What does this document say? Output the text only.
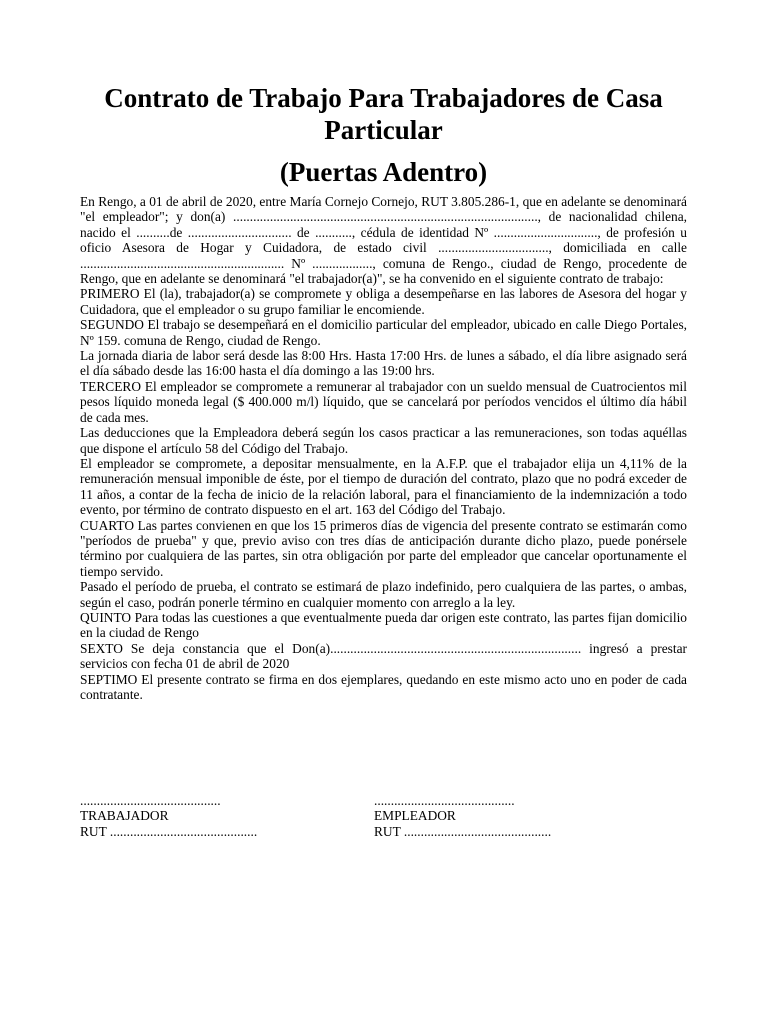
Contrato de Trabajo Para Trabajadores de Casa Particular
(Puertas Adentro)

En Rengo, a 01 de abril de 2020, entre María Cornejo Cornejo, RUT 3.805.286-1, que en adelante se denominará "el empleador"; y don(a) ..........................................................................................., de nacionalidad chilena, nacido el ..........de ............................... de ..........., cédula de identidad Nº ..............................., de profesión u oficio Asesora de Hogar y Cuidadora, de estado civil ................................., domiciliada en calle ............................................................. Nº .................., comuna de Rengo., ciudad de Rengo, procedente de Rengo, que en adelante se denominará "el trabajador(a)", se ha convenido en el siguiente contrato de trabajo:

PRIMERO El (la), trabajador(a) se compromete y obliga a desempeñarse en las labores de Asesora del hogar y Cuidadora, que el empleador o su grupo familiar le encomiende.

SEGUNDO El trabajo se desempeñará en el domicilio particular del empleador, ubicado en calle Diego Portales, Nº 159. comuna de Rengo, ciudad de Rengo.

La jornada diaria de labor será desde las 8:00 Hrs. Hasta 17:00 Hrs. de lunes a sábado, el día libre asignado será el día sábado desde las 16:00 hasta el día domingo a las 19:00 hrs.

TERCERO El empleador se compromete a remunerar al trabajador con un sueldo mensual de Cuatrocientos mil pesos líquido moneda legal ($ 400.000 m/l) líquido, que se cancelará por períodos vencidos el último día hábil de cada mes.

Las deducciones que la Empleadora deberá según los casos practicar a las remuneraciones, son todas aquéllas que dispone el artículo 58 del Código del Trabajo.

El empleador se compromete, a depositar mensualmente, en la A.F.P. que el trabajador elija un 4,11% de la remuneración mensual imponible de éste, por el tiempo de duración del contrato, plazo que no podrá exceder de 11 años, a contar de la fecha de inicio de la relación laboral, para el financiamiento de la indemnización a todo evento, por término de contrato dispuesto en el art. 163 del Código del Trabajo.

CUARTO Las partes convienen en que los 15 primeros días de vigencia del presente contrato se estimarán como "períodos de prueba" y que, previo aviso con tres días de anticipación durante dicho plazo, puede ponérsele término por cualquiera de las partes, sin otra obligación por parte del empleador que cancelar oportunamente el tiempo servido.

Pasado el período de prueba, el contrato se estimará de plazo indefinido, pero cualquiera de las partes, o ambas, según el caso, podrán ponerle término en cualquier momento con arreglo a la ley.

QUINTO Para todas las cuestiones a que eventualmente pueda dar origen este contrato, las partes fijan domicilio en la ciudad de Rengo

SEXTO Se deja constancia que el Don(a)........................................................................... ingresó a prestar servicios con fecha 01 de abril de 2020

SEPTIMO El presente contrato se firma en dos ejemplares, quedando en este mismo acto uno en poder de cada contratante.

..........................................
TRABAJADOR
RUT ............................................
..........................................
EMPLEADOR
RUT ............................................
